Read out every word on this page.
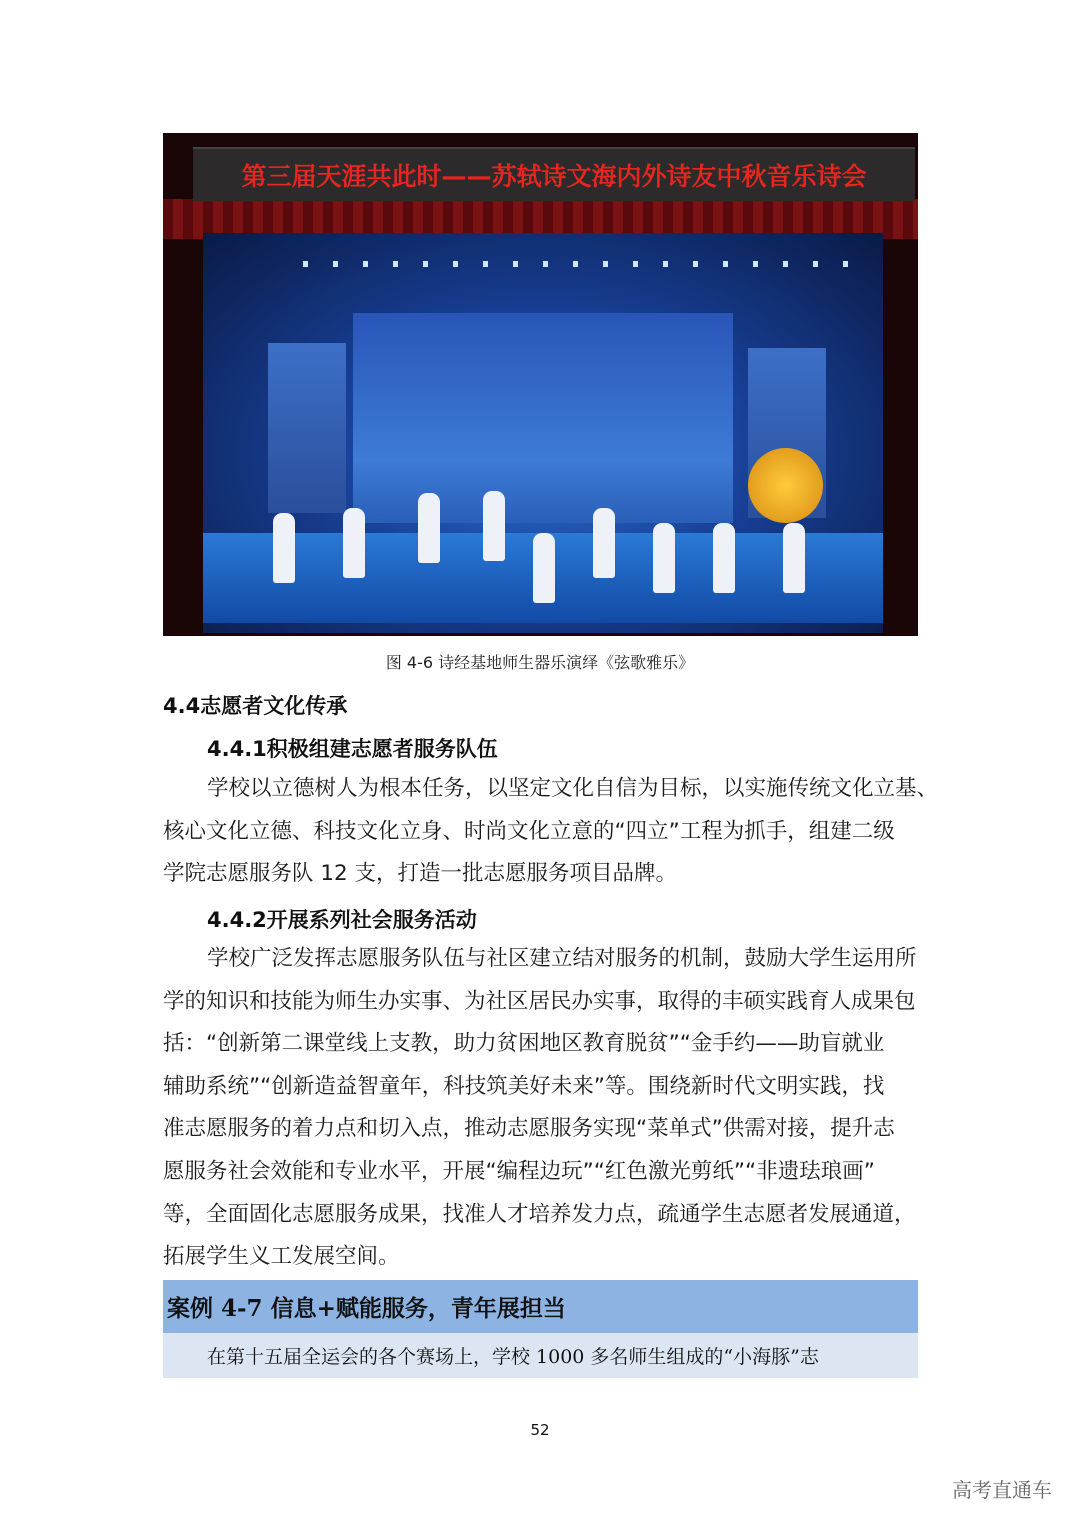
第三届天涯共此时——苏轼诗文海内外诗友中秋音乐诗会
图 4-6 诗经基地师生器乐演绎《弦歌雅乐》
4.4志愿者文化传承
4.4.1积极组建志愿者服务队伍
学校以立德树人为根本任务，以坚定文化自信为目标，以实施传统文化立基、
核心文化立德、科技文化立身、时尚文化立意的“四立”工程为抓手，组建二级
学院志愿服务队 12 支，打造一批志愿服务项目品牌。
4.4.2开展系列社会服务活动
学校广泛发挥志愿服务队伍与社区建立结对服务的机制，鼓励大学生运用所
学的知识和技能为师生办实事、为社区居民办实事，取得的丰硕实践育人成果包
括：“创新第二课堂线上支教，助力贫困地区教育脱贫”“金手约——助盲就业
辅助系统”“创新造益智童年，科技筑美好未来”等。围绕新时代文明实践，找
准志愿服务的着力点和切入点，推动志愿服务实现“菜单式”供需对接，提升志
愿服务社会效能和专业水平，开展“编程边玩”“红色激光剪纸”“非遗珐琅画”
等，全面固化志愿服务成果，找准人才培养发力点，疏通学生志愿者发展通道，
拓展学生义工发展空间。
案例 4-7 信息+赋能服务，青年展担当
在第十五届全运会的各个赛场上，学校 1000 多名师生组成的“小海豚”志
52
高考直通车
